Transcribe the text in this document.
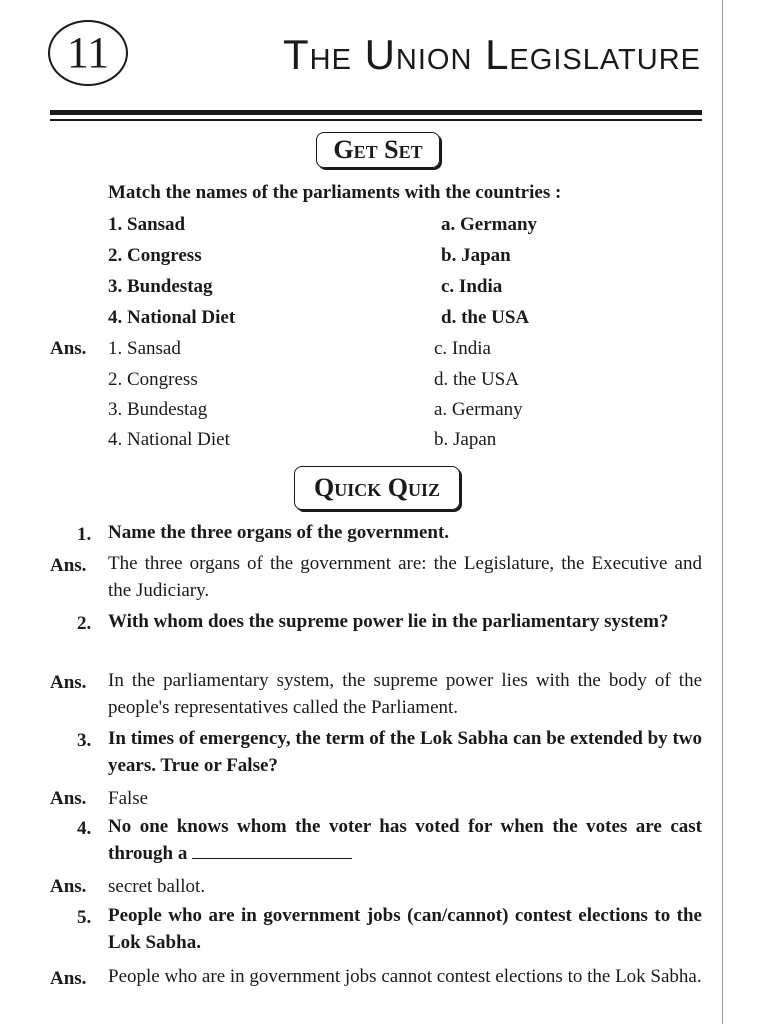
11	The Union Legislature
Get Set
Match the names of the parliaments with the countries :
1. Sansad
2. Congress
3. Bundestag
4. National Diet
a. Germany
b. Japan
c. India
d. the USA
Ans. 1. Sansad
2. Congress
3. Bundestag
4. National Diet
c. India
d. the USA
a. Germany
b. Japan
Quick Quiz
1. Name the three organs of the government.
Ans. The three organs of the government are: the Legislature, the Executive and the Judiciary.
2. With whom does the supreme power lie in the parliamentary system?
Ans. In the parliamentary system, the supreme power lies with the body of the people's representatives called the Parliament.
3. In times of emergency, the term of the Lok Sabha can be extended by two years. True or False?
Ans. False
4. No one knows whom the voter has voted for when the votes are cast through a
Ans. secret ballot.
5. People who are in government jobs (can/cannot) contest elections to the Lok Sabha.
Ans. People who are in government jobs cannot contest elections to the Lok Sabha.
